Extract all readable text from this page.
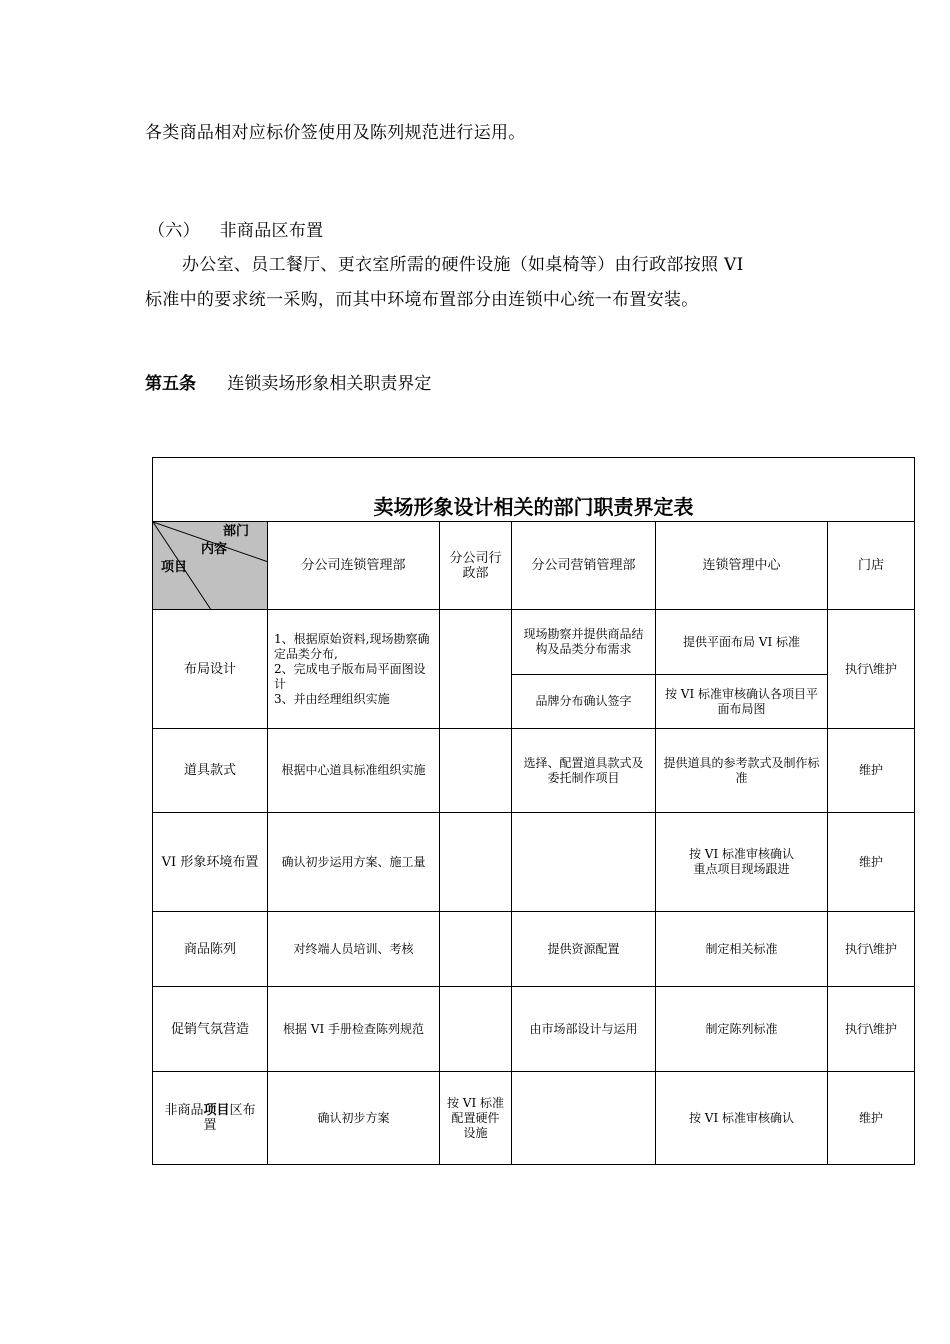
各类商品相对应标价签使用及陈列规范进行运用。
（六） 非商品区布置
办公室、员工餐厅、更衣室所需的硬件设施（如桌椅等）由行政部按照 VI
标准中的要求统一采购，而其中环境布置部分由连锁中心统一布置安装。
第五条 连锁卖场形象相关职责界定
卖场形象设计相关的部门职责界定表					

部门
内容
项目	分公司连锁管理部	分公司行政部	分公司营销管理部	连锁管理中心	门店
布局设计	1、根据原始资料,现场勘察确定品类分布,
2、完成电子版布局平面图设计
3、并由经理组织实施		现场勘察并提供商品结构及品类分布需求	提供平面布局 VI 标准	执行\维护
			品牌分布确认签字	按 VI 标准审核确认各项目平面布局图	
道具款式	根据中心道具标准组织实施		选择、配置道具款式及委托制作项目	提供道具的参考款式及制作标准	维护
VI 形象环境布置	确认初步运用方案、施工量			按 VI 标准审核确认
重点项目现场跟进	维护
商品陈列	对终端人员培训、考核		提供资源配置	制定相关标准	执行\维护
促销气氛营造	根据 VI 手册检查陈列规范		由市场部设计与运用	制定陈列标准	执行\维护
非商品项目区布置	确认初步方案	按 VI 标准配置硬件设施		按 VI 标准审核确认	维护
